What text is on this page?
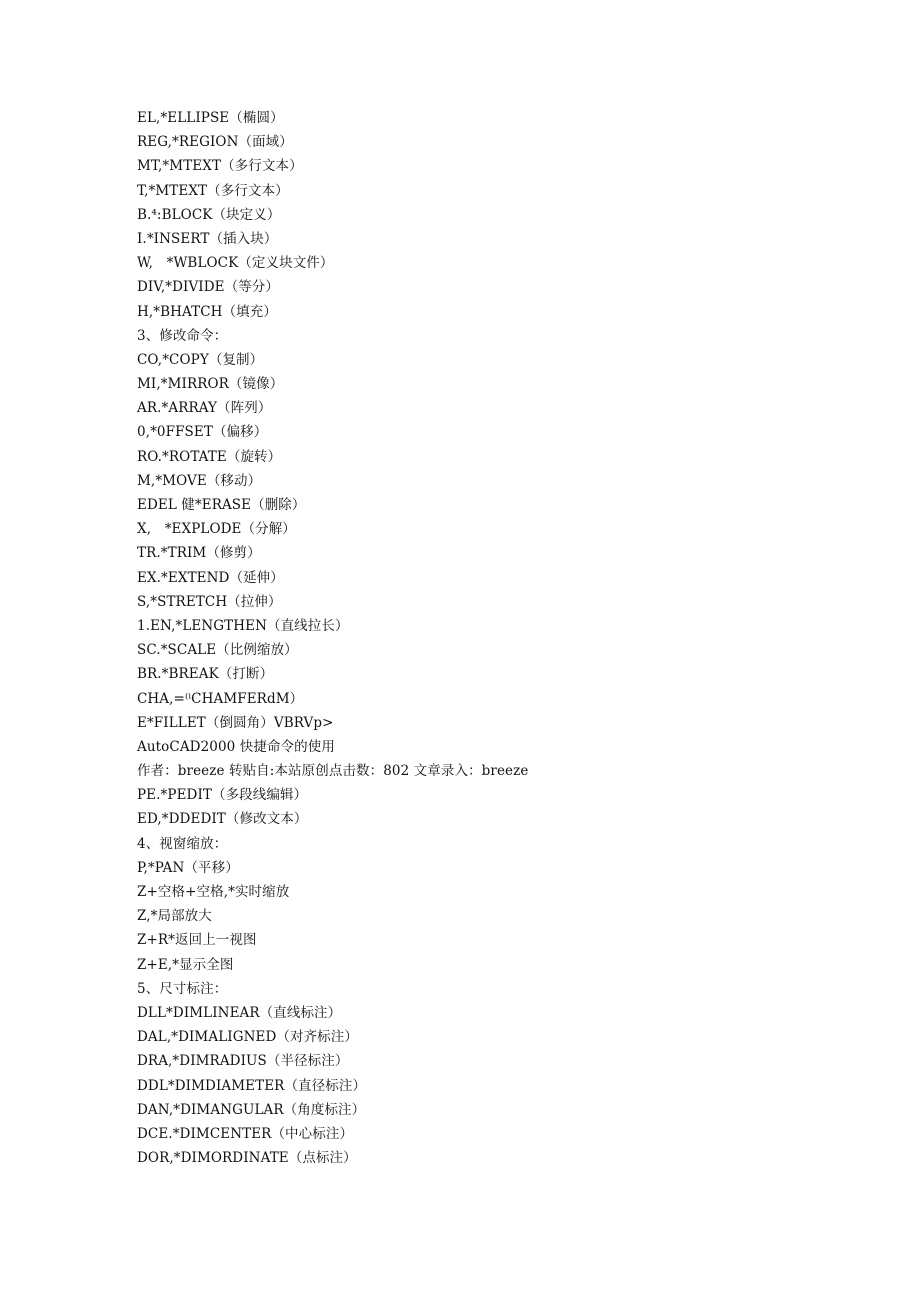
EL,*ELLIPSE（椭圆）
REG,*REGION（面域）
MT,*MTEXT（多行文本）
T,*MTEXT（多行文本）
B.⁴:BLOCK（块定义）
I.*INSERT（插入块）
W,　*WBLOCK（定义块文件）
DIV,*DIVIDE（等分）
H,*BHATCH（填充）
3、修改命令：
CO,*COPY（复制）
MI,*MIRROR（镜像）
AR.*ARRAY（阵列）
0,*0FFSET（偏移）
RO.*ROTATE（旋转）
M,*MOVE（移动）
EDEL 健*ERASE（删除）
X,　*EXPLODE（分解）
TR.*TRIM（修剪）
EX.*EXTEND（延伸）
S,*STRETCH（拉伸）
1.EN,*LENGTHEN（直线拉长）
SC.*SCALE（比例缩放）
BR.*BREAK（打断）
CHA,=⁽ⁱCHAMFERdM）
E*FILLET（倒圆角）VBRVp>
AutoCAD2000 快捷命令的使用
作者：breeze 转贴自:本站原创点击数：802 文章录入：breeze
PE.*PEDIT（多段线编辑）
ED,*DDEDIT（修改文本）
4、视窗缩放：
P,*PAN（平移）
Z+空格+空格,*实时缩放
Z,*局部放大
Z+R*返回上一视图
Z+E,*显示全图
5、尺寸标注：
DLL*DIMLINEAR（直线标注）
DAL,*DIMALIGNED（对齐标注）
DRA,*DIMRADIUS（半径标注）
DDL*DIMDIAMETER（直径标注）
DAN,*DIMANGULAR（角度标注）
DCE.*DIMCENTER（中心标注）
DOR,*DIMORDINATE（点标注）
